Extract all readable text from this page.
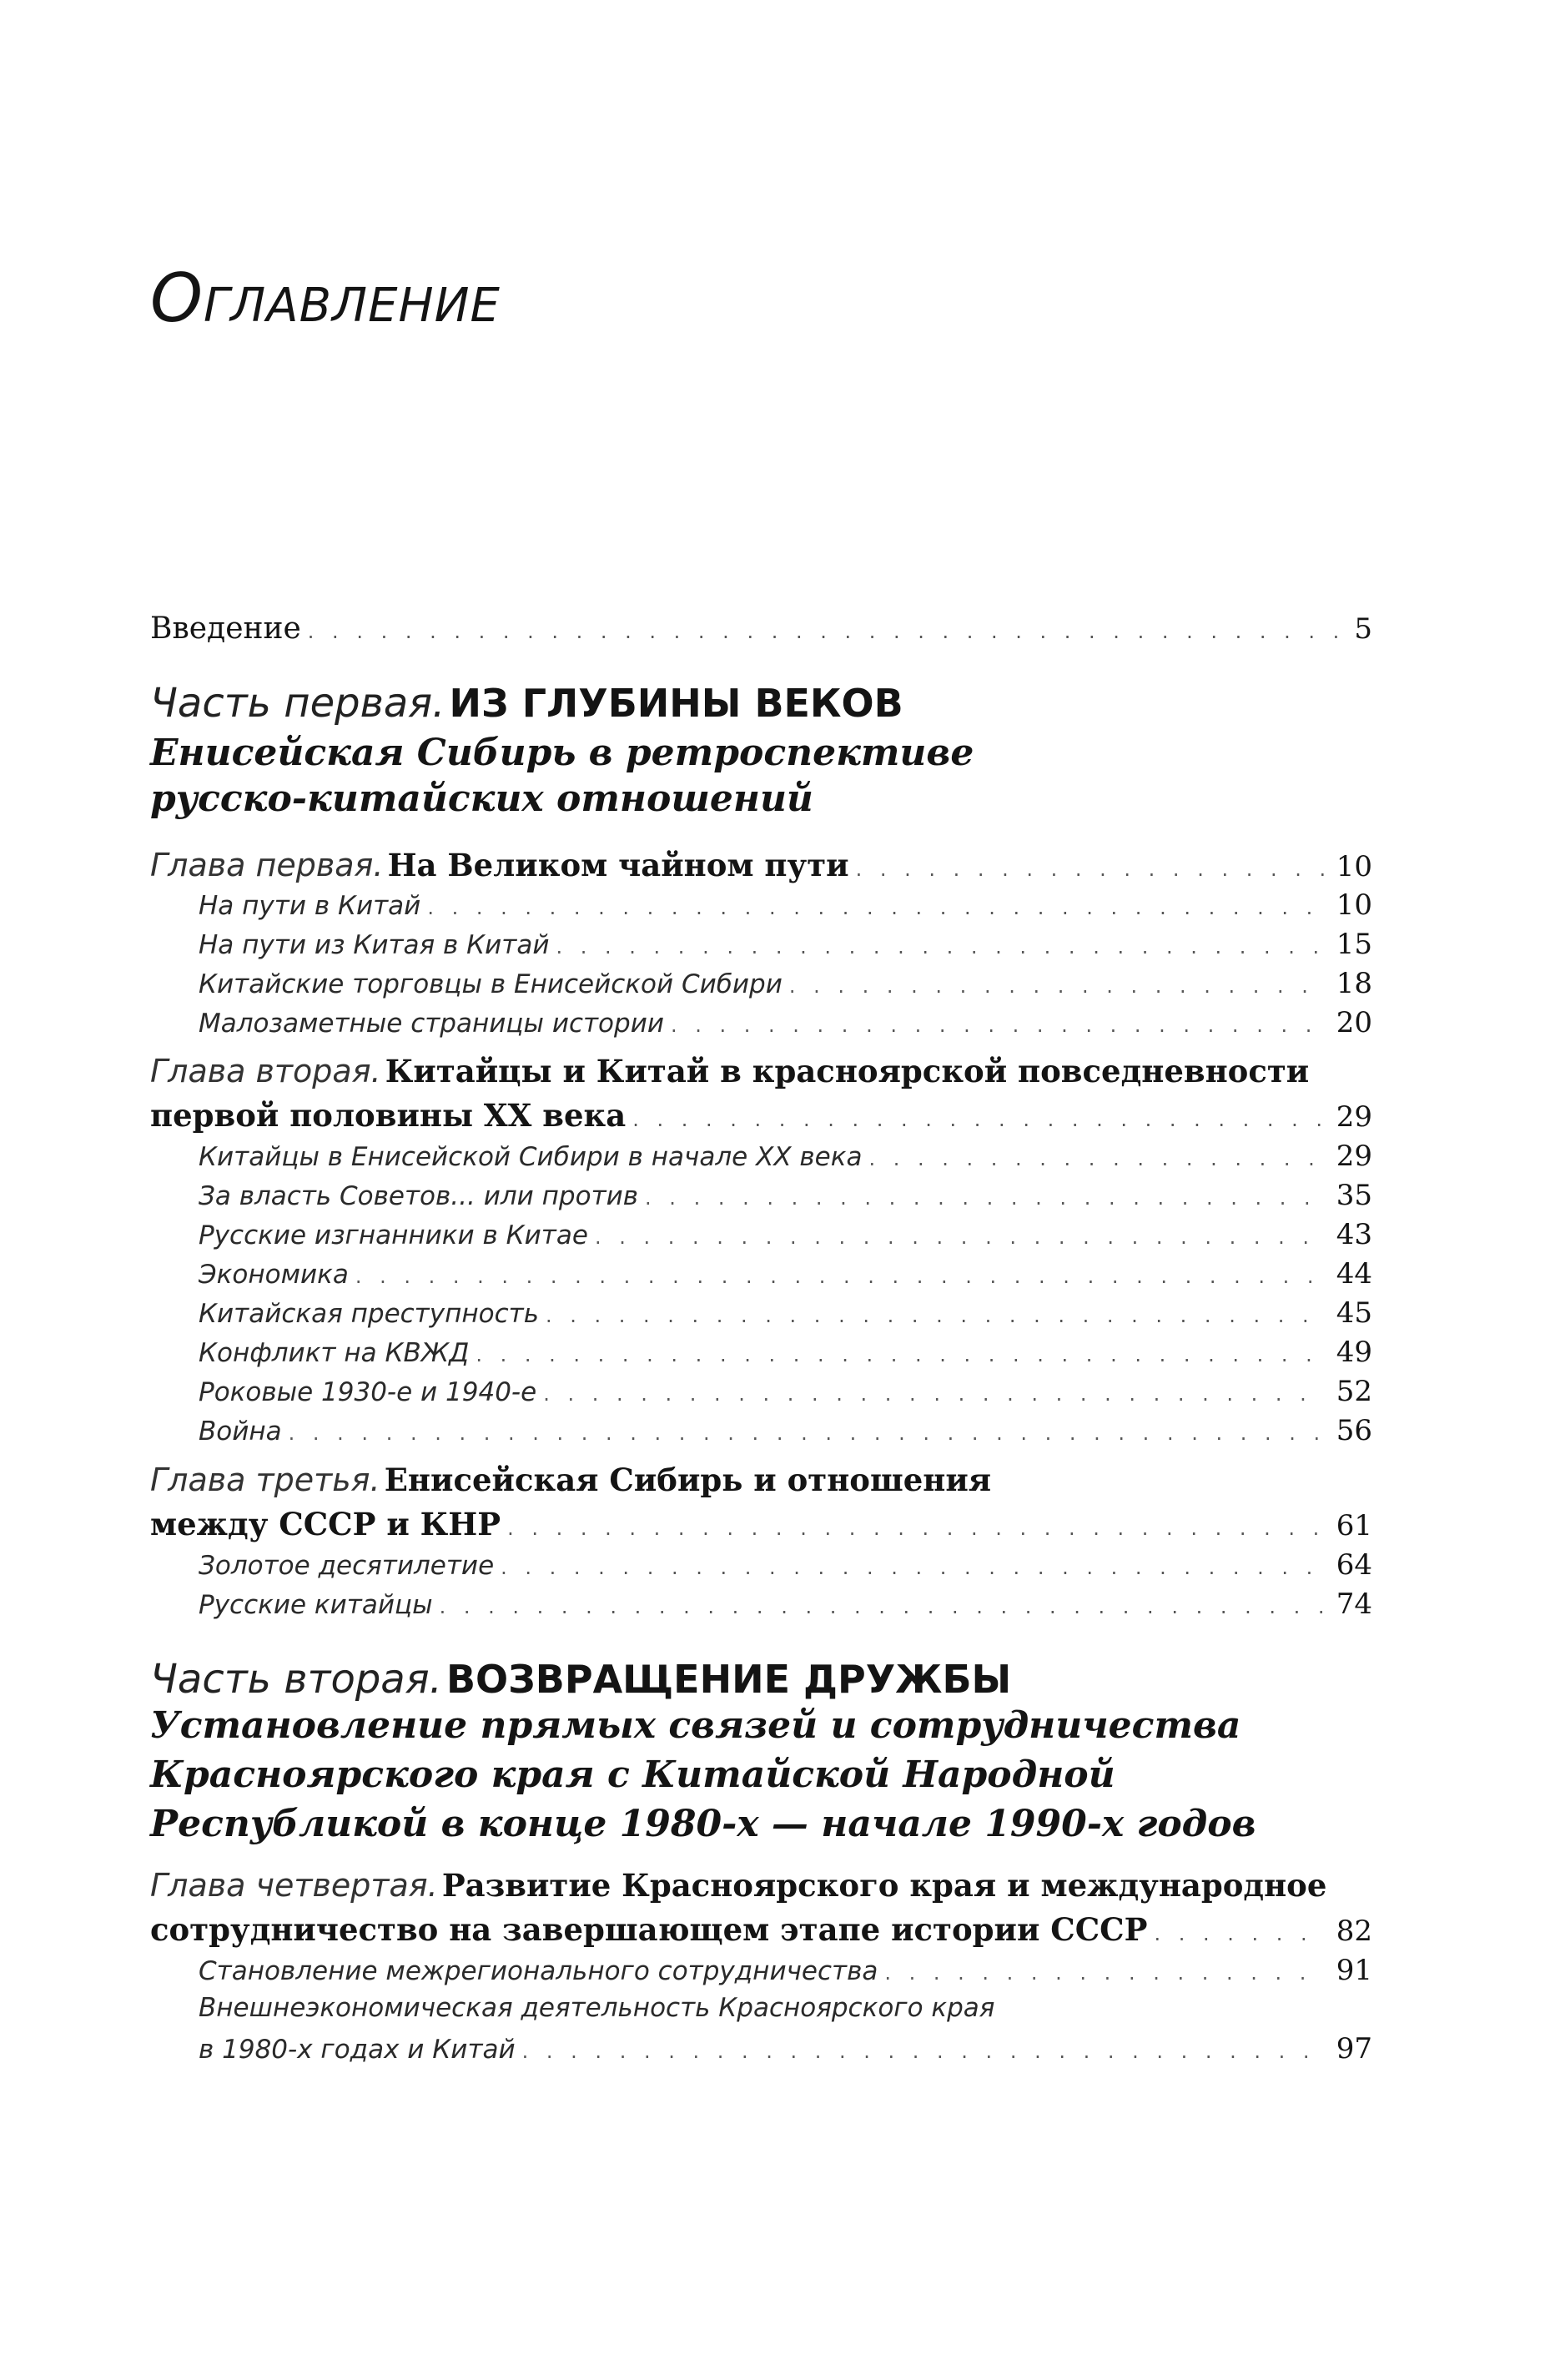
Оглавление
Введение . . .	5
Часть первая. ИЗ ГЛУБИНЫ ВЕКОВ
Енисейская Сибирь в ретроспективе
русско-китайских отношений
Глава первая.
На Великом чайном пути . . .	10
На пути в Китай . . .	10
На пути из Китая в Китай . . .	15
Китайские торговцы в Енисейской Сибири . . .	18
Малозаметные страницы истории . . .	20
Глава вторая. Китайцы и Китай в красноярской повседневности
первой половины XX века . . .	29
Китайцы в Енисейской Сибири в начале XX века . . .	29
За власть Советов... или против . . .	35
Русские изгнанники в Китае . . .	43
Экономика . . .	44
Китайская преступность . . .	45
Конфликт на КВЖД . . .	49
Роковые 1930-е и 1940-е . . .	52
Война . . .	56
Глава третья. Енисейская Сибирь и отношения
между СССР и КНР . . .	61
Золотое десятилетие . . .	64
Русские китайцы . . .	74
Часть вторая. ВОЗВРАЩЕНИЕ ДРУЖБЫ
Установление прямых связей и сотрудничества
Красноярского края с Китайской Народной
Республикой в конце 1980-х — начале 1990-х годов
Глава четвертая. Развитие Красноярского края и международное
сотрудничество на завершающем этапе истории СССР . . .	82
Становление межрегионального сотрудничества . . .	91
Внешнеэкономическая деятельность Красноярского края
в 1980-х годах и Китай . . .	97
